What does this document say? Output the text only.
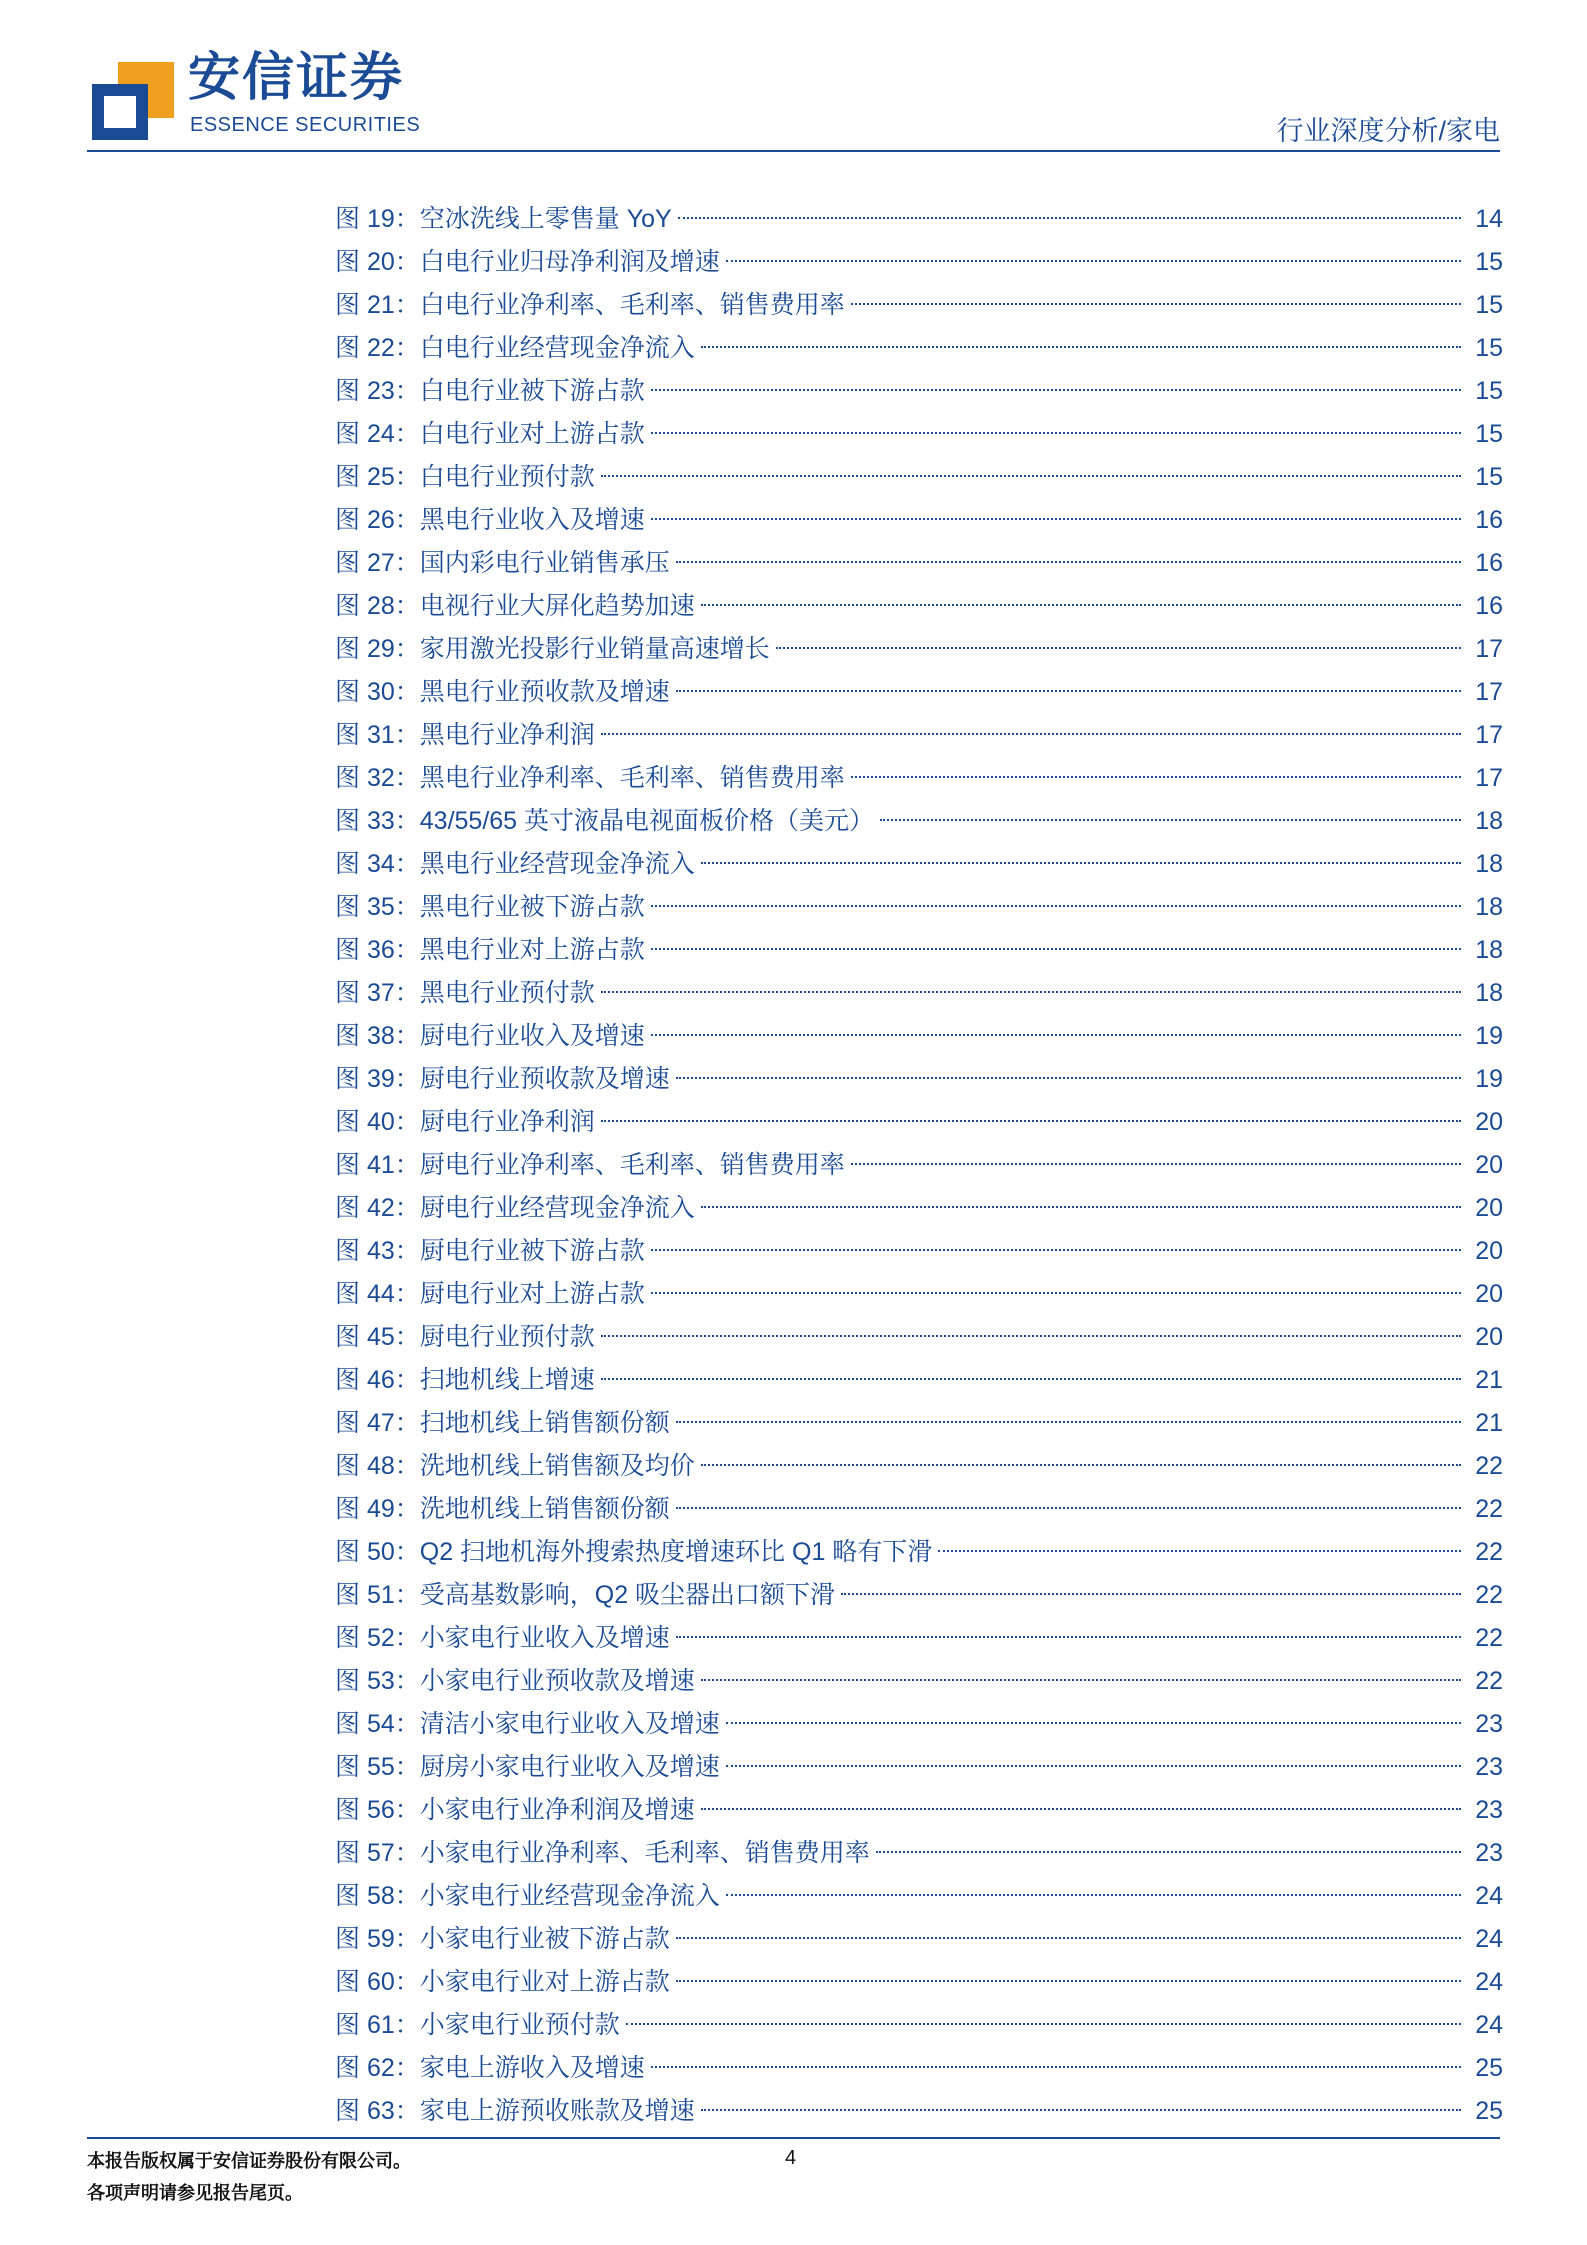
安信证券
ESSENCE SECURITIES	行业深度分析/家电
图 19： 空冰洗线上零售量 YoY	14
图 20： 白电行业归母净利润及增速	15
图 21： 白电行业净利率、毛利率、销售费用率	15
图 22： 白电行业经营现金净流入	15
图 23： 白电行业被下游占款	15
图 24： 白电行业对上游占款	15
图 25： 白电行业预付款	15
图 26： 黑电行业收入及增速	16
图 27： 国内彩电行业销售承压	16
图 28： 电视行业大屏化趋势加速	16
图 29： 家用激光投影行业销量高速增长	17
图 30： 黑电行业预收款及增速	17
图 31： 黑电行业净利润	17
图 32： 黑电行业净利率、毛利率、销售费用率	17
图 33： 43/55/65 英寸液晶电视面板价格（美元）	18
图 34： 黑电行业经营现金净流入	18
图 35： 黑电行业被下游占款	18
图 36： 黑电行业对上游占款	18
图 37： 黑电行业预付款	18
图 38： 厨电行业收入及增速	19
图 39： 厨电行业预收款及增速	19
图 40： 厨电行业净利润	20
图 41： 厨电行业净利率、毛利率、销售费用率	20
图 42： 厨电行业经营现金净流入	20
图 43： 厨电行业被下游占款	20
图 44： 厨电行业对上游占款	20
图 45： 厨电行业预付款	20
图 46： 扫地机线上增速	21
图 47： 扫地机线上销售额份额	21
图 48： 洗地机线上销售额及均价	22
图 49： 洗地机线上销售额份额	22
图 50： Q2 扫地机海外搜索热度增速环比 Q1 略有下滑	22
图 51： 受高基数影响，Q2 吸尘器出口额下滑	22
图 52： 小家电行业收入及增速	22
图 53： 小家电行业预收款及增速	22
图 54： 清洁小家电行业收入及增速	23
图 55： 厨房小家电行业收入及增速	23
图 56： 小家电行业净利润及增速	23
图 57： 小家电行业净利率、毛利率、销售费用率	23
图 58： 小家电行业经营现金净流入	24
图 59： 小家电行业被下游占款	24
图 60： 小家电行业对上游占款	24
图 61： 小家电行业预付款	24
图 62： 家电上游收入及增速	25
图 63： 家电上游预收账款及增速	25
本报告版权属于安信证券股份有限公司。
各项声明请参见报告尾页。
4
